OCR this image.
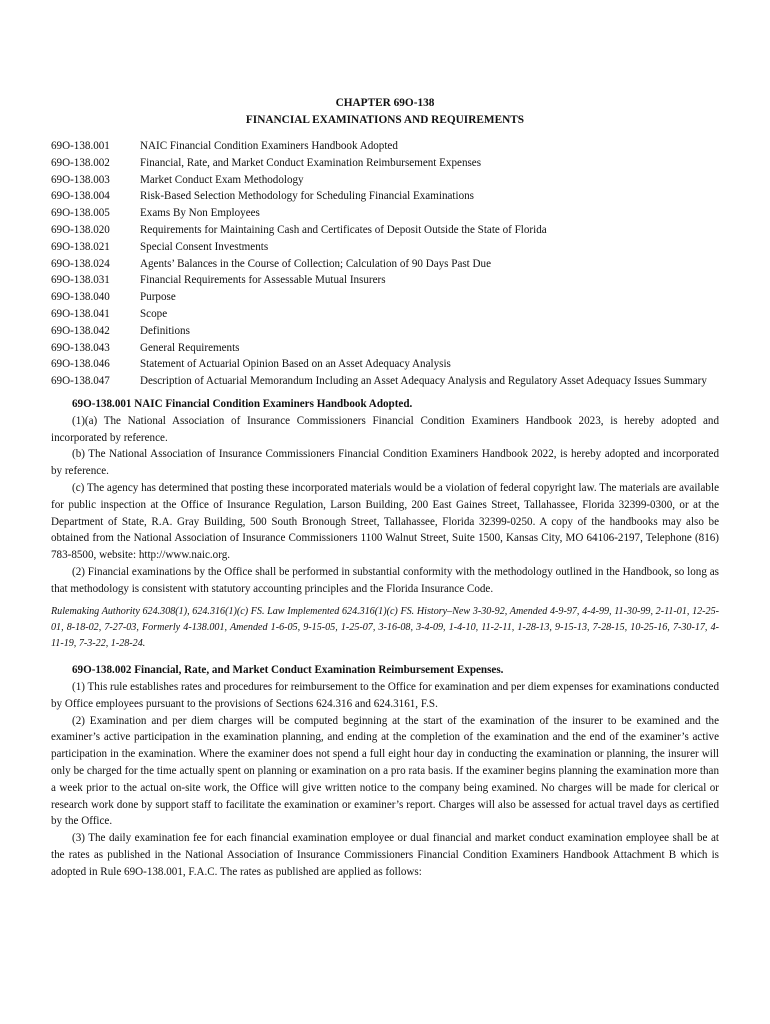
CHAPTER 69O-138
FINANCIAL EXAMINATIONS AND REQUIREMENTS
69O-138.001	NAIC Financial Condition Examiners Handbook Adopted
69O-138.002	Financial, Rate, and Market Conduct Examination Reimbursement Expenses
69O-138.003	Market Conduct Exam Methodology
69O-138.004	Risk-Based Selection Methodology for Scheduling Financial Examinations
69O-138.005	Exams By Non Employees
69O-138.020	Requirements for Maintaining Cash and Certificates of Deposit Outside the State of Florida
69O-138.021	Special Consent Investments
69O-138.024	Agents’ Balances in the Course of Collection; Calculation of 90 Days Past Due
69O-138.031	Financial Requirements for Assessable Mutual Insurers
69O-138.040	Purpose
69O-138.041	Scope
69O-138.042	Definitions
69O-138.043	General Requirements
69O-138.046	Statement of Actuarial Opinion Based on an Asset Adequacy Analysis
69O-138.047	Description of Actuarial Memorandum Including an Asset Adequacy Analysis and Regulatory Asset Adequacy Issues Summary
69O-138.001 NAIC Financial Condition Examiners Handbook Adopted.

(1)(a) The National Association of Insurance Commissioners Financial Condition Examiners Handbook 2023, is hereby adopted and incorporated by reference.

(b) The National Association of Insurance Commissioners Financial Condition Examiners Handbook 2022, is hereby adopted and incorporated by reference.

(c) The agency has determined that posting these incorporated materials would be a violation of federal copyright law. The materials are available for public inspection at the Office of Insurance Regulation, Larson Building, 200 East Gaines Street, Tallahassee, Florida 32399-0300, or at the Department of State, R.A. Gray Building, 500 South Bronough Street, Tallahassee, Florida 32399-0250. A copy of the handbooks may also be obtained from the National Association of Insurance Commissioners 1100 Walnut Street, Suite 1500, Kansas City, MO 64106-2197, Telephone (816) 783-8500, website: http://www.naic.org.

(2) Financial examinations by the Office shall be performed in substantial conformity with the methodology outlined in the Handbook, so long as that methodology is consistent with statutory accounting principles and the Florida Insurance Code.

Rulemaking Authority 624.308(1), 624.316(1)(c) FS. Law Implemented 624.316(1)(c) FS. History–New 3-30-92, Amended 4-9-97, 4-4-99, 11-30-99, 2-11-01, 12-25-01, 8-18-02, 7-27-03, Formerly 4-138.001, Amended 1-6-05, 9-15-05, 1-25-07, 3-16-08, 3-4-09, 1-4-10, 11-2-11, 1-28-13, 9-15-13, 7-28-15, 10-25-16, 7-30-17, 4-11-19, 7-3-22, 1-28-24.
69O-138.002 Financial, Rate, and Market Conduct Examination Reimbursement Expenses.

(1) This rule establishes rates and procedures for reimbursement to the Office for examination and per diem expenses for examinations conducted by Office employees pursuant to the provisions of Sections 624.316 and 624.3161, F.S.

(2) Examination and per diem charges will be computed beginning at the start of the examination of the insurer to be examined and the examiner’s active participation in the examination planning, and ending at the completion of the examination and the end of the examiner’s active participation in the examination. Where the examiner does not spend a full eight hour day in conducting the examination or planning, the insurer will only be charged for the time actually spent on planning or examination on a pro rata basis. If the examiner begins planning the examination more than a week prior to the actual on-site work, the Office will give written notice to the company being examined. No charges will be made for clerical or research work done by support staff to facilitate the examination or examiner’s report. Charges will also be assessed for actual travel days as certified by the Office.

(3) The daily examination fee for each financial examination employee or dual financial and market conduct examination employee shall be at the rates as published in the National Association of Insurance Commissioners Financial Condition Examiners Handbook Attachment B which is adopted in Rule 69O-138.001, F.A.C. The rates as published are applied as follows:
